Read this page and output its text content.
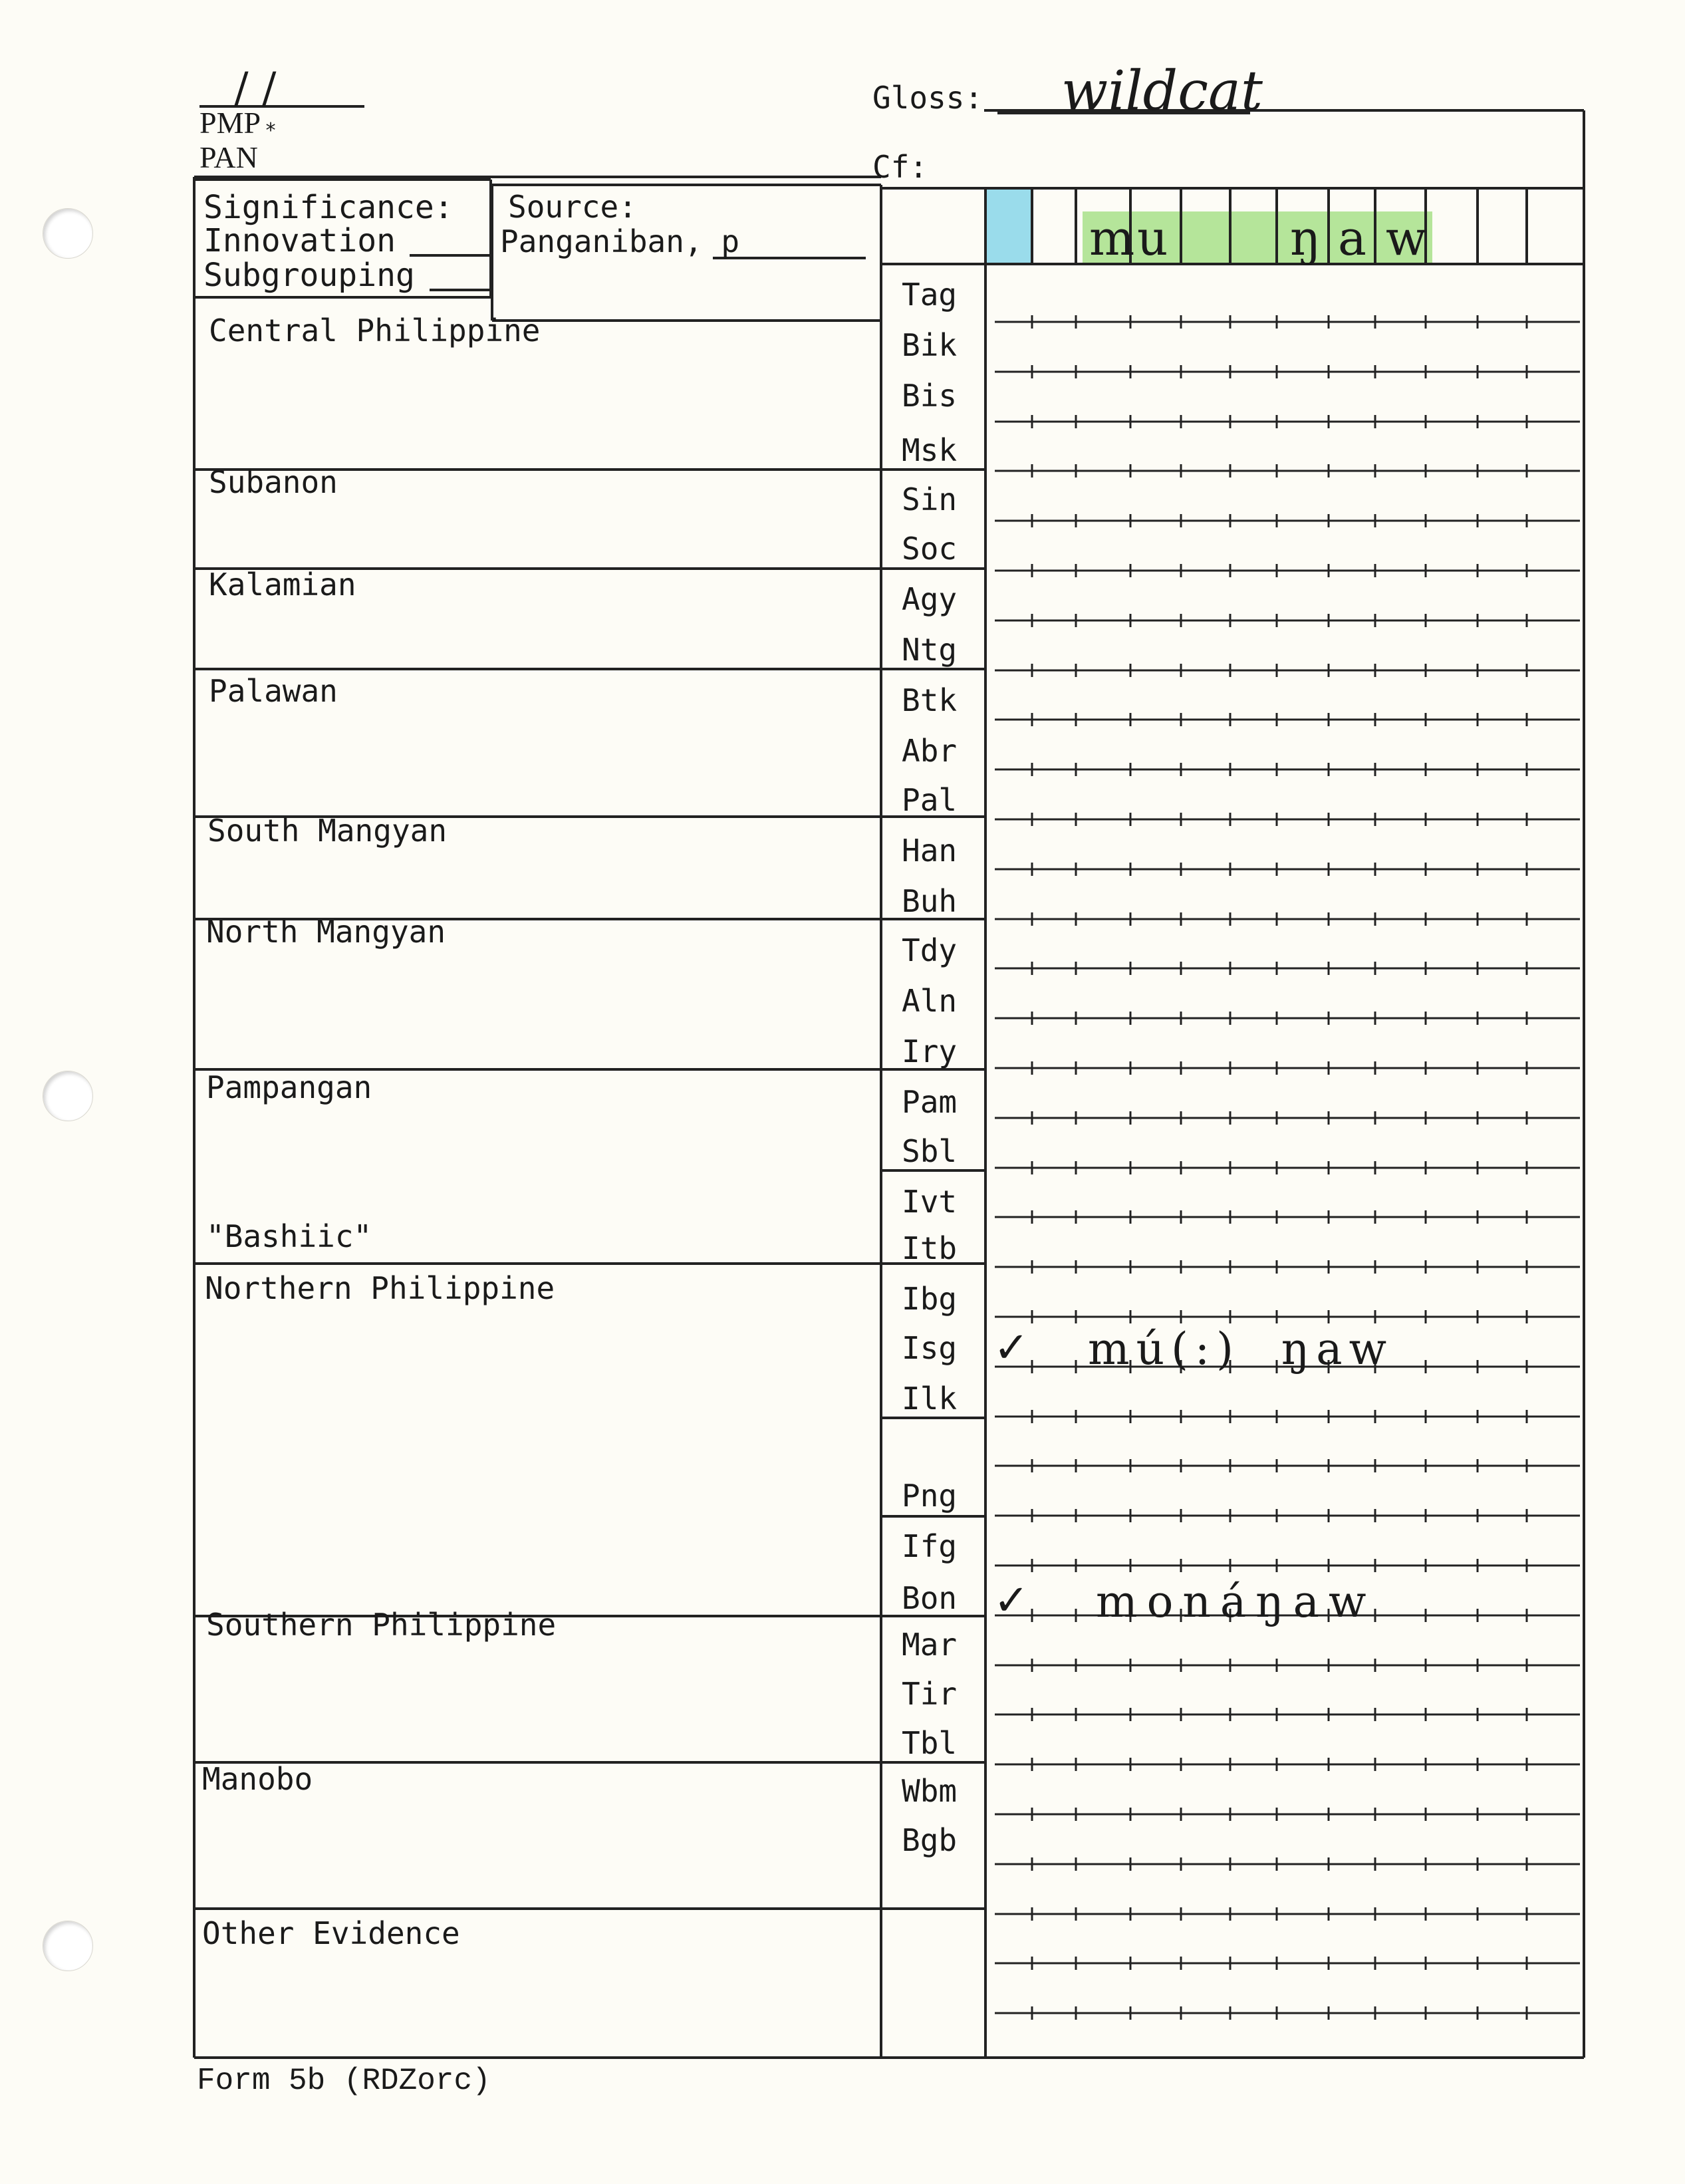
/ /
PMP *
PAN
Gloss: wildcat
Cf:
Significance:
Innovation
Subgrouping
Source:
Panganiban, p	m u	ŋ a w
Central Philippine
Subanon
Kalamian
Palawan
South Mangyan
North Mangyan
Pampangan
"Bashiic"
Northern Philippine
Southern Philippine
Manobo
Other Evidence
Tag
Bik
Bis
Msk
Sin
Soc
Agy
Ntg
Btk
Abr
Pal
Han
Buh
Tdy
Aln
Iry
Pam
Sbl
Ivt
Itb
Ibg
Isg
Ilk
Png
Ifg
Bon
Mar
Tir
Tbl
Wbm
Bgb
✓ mú(:)  ŋaw
✓ monáŋaw
Form 5b (RDZorc)
